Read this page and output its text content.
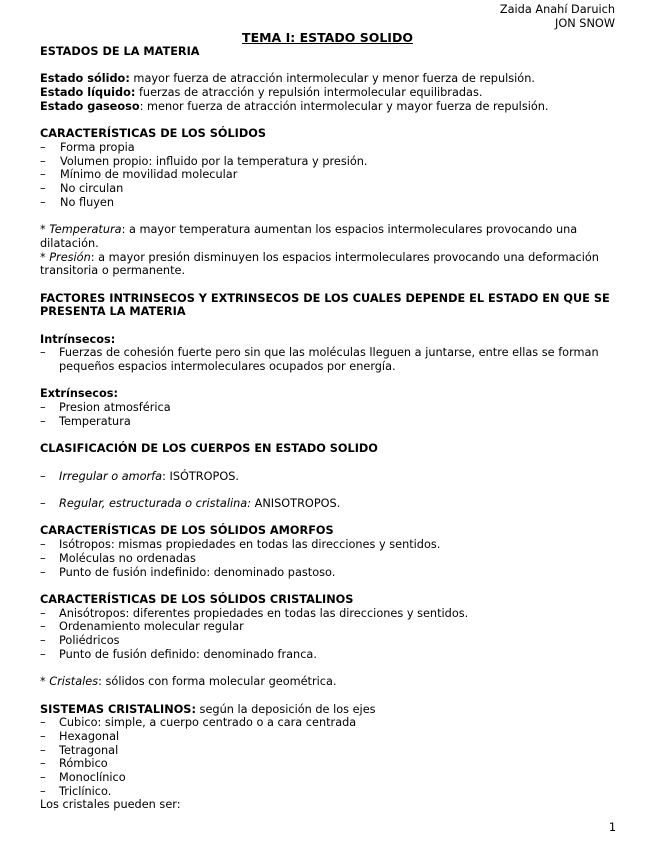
Zaida Anahí Daruich
JON SNOW
TEMA I: ESTADO SOLIDO
ESTADOS DE LA MATERIA
Estado sólido: mayor fuerza de atracción intermolecular y menor fuerza de repulsión.
Estado líquido: fuerzas de atracción y repulsión intermolecular equilibradas.
Estado gaseoso: menor fuerza de atracción intermolecular y mayor fuerza de repulsión.
CARACTERÍSTICAS DE LOS SÓLIDOS
– Forma propia
– Volumen propio: influido por la temperatura y presión.
– Mínimo de movilidad molecular
– No circulan
– No fluyen
* Temperatura: a mayor temperatura aumentan los espacios intermoleculares provocando una dilatación.
* Presión: a mayor presión disminuyen los espacios intermoleculares provocando una deformación transitoria o permanente.
FACTORES INTRINSECOS Y EXTRINSECOS DE LOS CUALES DEPENDE EL ESTADO EN QUE SE PRESENTA LA MATERIA
Intrínsecos:
– Fuerzas de cohesión fuerte pero sin que las moléculas lleguen a juntarse, entre ellas se forman pequeños espacios intermoleculares ocupados por energía.
Extrínsecos:
– Presion atmosférica
– Temperatura
CLASIFICACIÓN DE LOS CUERPOS EN ESTADO SOLIDO
– Irregular o amorfa: ISÓTROPOS.
– Regular, estructurada o cristalina: ANISOTROPOS.
CARACTERÍSTICAS DE LOS SÓLIDOS AMORFOS
– Isótropos: mismas propiedades en todas las direcciones y sentidos.
– Moléculas no ordenadas
– Punto de fusión indefinido: denominado pastoso.
CARACTERÍSTICAS DE LOS SÓLIDOS CRISTALINOS
– Anisótropos: diferentes propiedades en todas las direcciones y sentidos.
– Ordenamiento molecular regular
– Poliédricos
– Punto de fusión definido: denominado franca.
* Cristales: sólidos con forma molecular geométrica.
SISTEMAS CRISTALINOS: según la deposición de los ejes
– Cubico: simple, a cuerpo centrado o a cara centrada
– Hexagonal
– Tetragonal
– Rómbico
– Monoclínico
– Triclínico.
Los cristales pueden ser:
1
